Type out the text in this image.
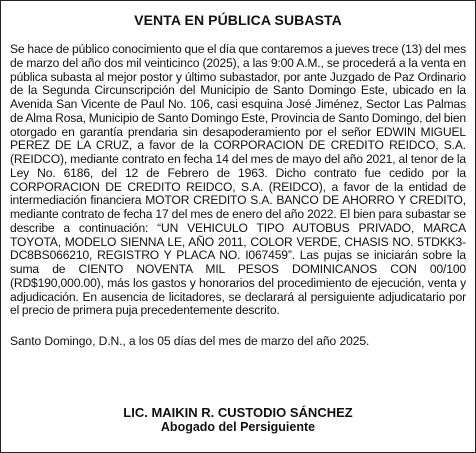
VENTA EN PÚBLICA SUBASTA

Se hace de público conocimiento que el día que contaremos a jueves trece (13) del mes de marzo del año dos mil veinticinco (2025), a las 9:00 A.M., se procederá a la venta en pública subasta al mejor postor y último subastador, por ante Juzgado de Paz Ordinario de la Segunda Circunscripción del Municipio de Santo Domingo Este, ubicado en la Avenida San Vicente de Paul No. 106, casi esquina José Jiménez, Sector Las Palmas de Alma Rosa, Municipio de Santo Domingo Este, Provincia de Santo Domingo, del bien otorgado en garantía prendaria sin desapoderamiento por el señor EDWIN MIGUEL PEREZ DE LA CRUZ, a favor de la CORPORACION DE CREDITO REIDCO, S.A. (REIDCO), mediante contrato en fecha 14 del mes de mayo del año 2021, al tenor de la Ley No. 6186, del 12 de Febrero de 1963. Dicho contrato fue cedido por la CORPORACION DE CREDITO REIDCO, S.A. (REIDCO), a favor de la entidad de intermediación financiera MOTOR CREDITO S.A. BANCO DE AHORRO Y CREDITO, mediante contrato de fecha 17 del mes de enero del año 2022. El bien para subastar se describe a continuación: “UN VEHICULO TIPO AUTOBUS PRIVADO, MARCA TOYOTA, MODELO SIENNA LE, AÑO 2011, COLOR VERDE, CHASIS NO. 5TDKK3-DC8BS066210, REGISTRO Y PLACA NO. I067459”. Las pujas se iniciarán sobre la suma de CIENTO NOVENTA MIL PESOS DOMINICANOS CON 00/100 (RD$190,000.00), más los gastos y honorarios del procedimiento de ejecución, venta y adjudicación. En ausencia de licitadores, se declarará al persiguiente adjudicatario por el precio de primera puja precedentemente descrito.

Santo Domingo, D.N., a los 05 días del mes de marzo del año 2025.

LIC. MAIKIN R. CUSTODIO SÁNCHEZ
Abogado del Persiguiente
